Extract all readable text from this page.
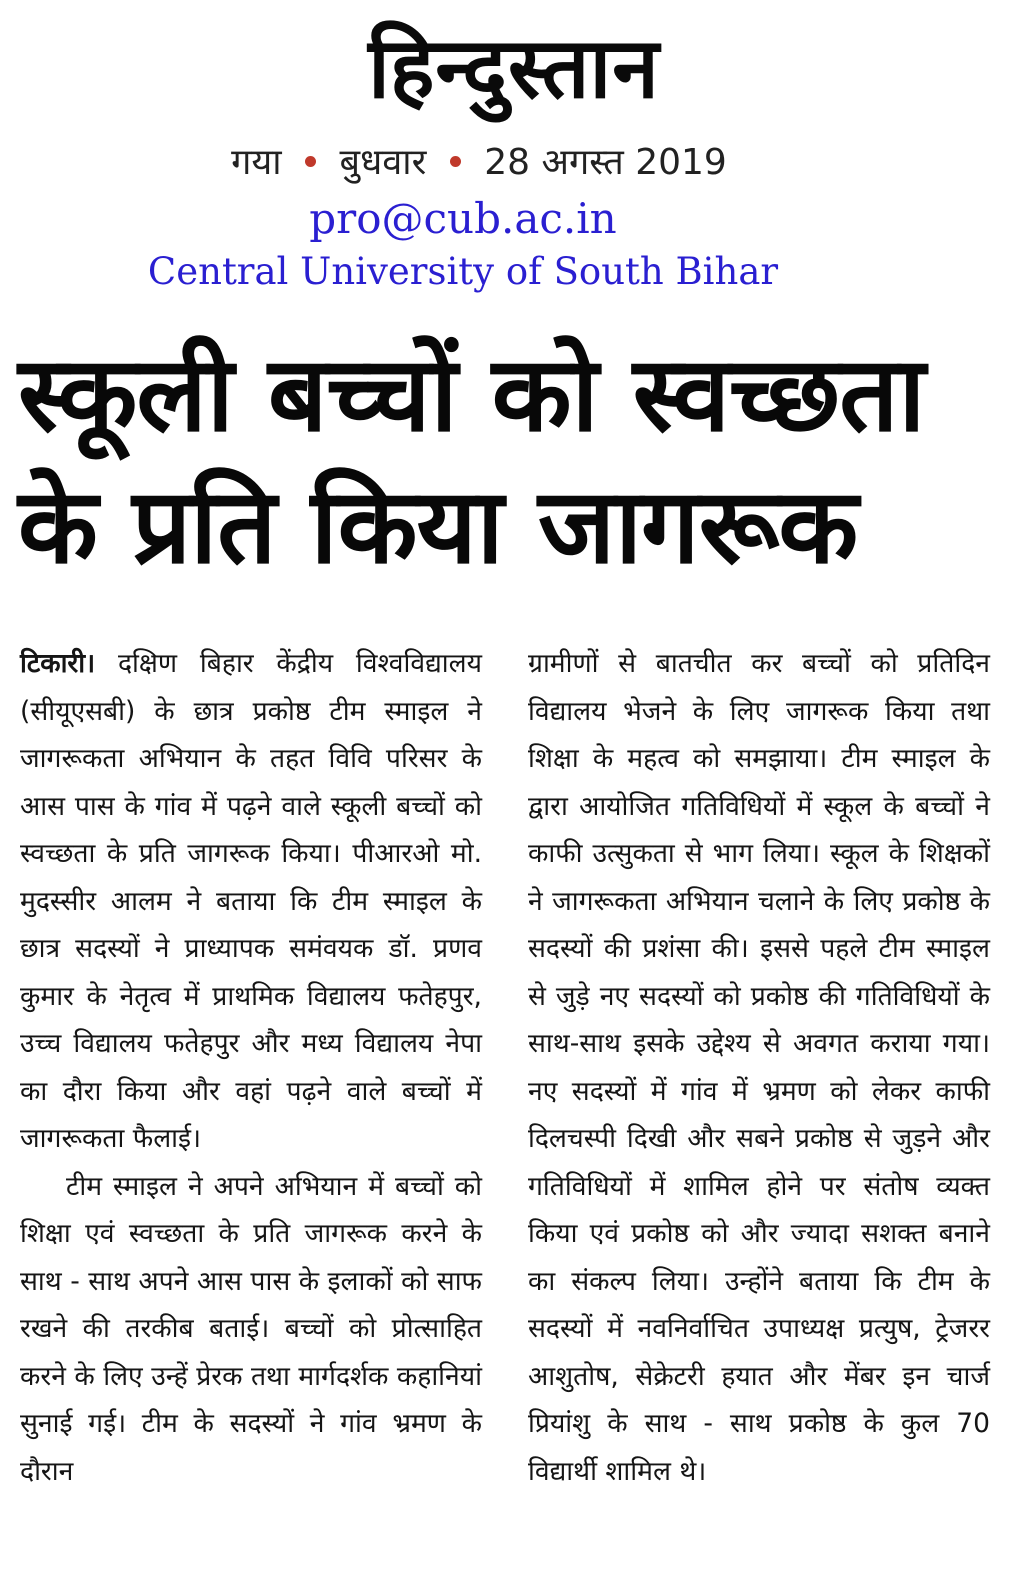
हिन्दुस्तान
गया बुधवार 28 अगस्त 2019
pro@cub.ac.in
Central University of South Bihar
स्कूली बच्चों को स्वच्छता
के प्रति किया जागरूक

टिकारी। दक्षिण बिहार केंद्रीय विश्वविद्यालय (सीयूएसबी) के छात्र प्रकोष्ठ टीम स्माइल ने जागरूकता अभियान के तहत विवि परिसर के आस पास के गांव में पढ़ने वाले स्कूली बच्चों को स्वच्छता के प्रति जागरूक किया। पीआरओ मो. मुदस्सीर आलम ने बताया कि टीम स्माइल के छात्र सदस्यों ने प्राध्यापक समंवयक डॉ. प्रणव कुमार के नेतृत्व में प्राथमिक विद्यालय फतेहपुर, उच्च विद्यालय फतेहपुर और मध्य विद्यालय नेपा का दौरा किया और वहां पढ़ने वाले बच्चों में जागरूकता फैलाई।

टीम स्माइल ने अपने अभियान में बच्चों को शिक्षा एवं स्वच्छता के प्रति जागरूक करने के साथ - साथ अपने आस पास के इलाकों को साफ रखने की तरकीब बताई। बच्चों को प्रोत्साहित करने के लिए उन्हें प्रेरक तथा मार्गदर्शक कहानियां सुनाई गई। टीम के सदस्यों ने गांव भ्रमण के दौरान

ग्रामीणों से बातचीत कर बच्चों को प्रतिदिन विद्यालय भेजने के लिए जागरूक किया तथा शिक्षा के महत्व को समझाया। टीम स्माइल के द्वारा आयोजित गतिविधियों में स्कूल के बच्चों ने काफी उत्सुकता से भाग लिया। स्कूल के शिक्षकों ने जागरूकता अभियान चलाने के लिए प्रकोष्ठ के सदस्यों की प्रशंसा की। इससे पहले टीम स्माइल से जुड़े नए सदस्यों को प्रकोष्ठ की गतिविधियों के साथ-साथ इसके उद्देश्य से अवगत कराया गया। नए सदस्यों में गांव में भ्रमण को लेकर काफी दिलचस्पी दिखी और सबने प्रकोष्ठ से जुड़ने और गतिविधियों में शामिल होने पर संतोष व्यक्त किया एवं प्रकोष्ठ को और ज्यादा सशक्त बनाने का संकल्प लिया। उन्होंने बताया कि टीम के सदस्यों में नवनिर्वाचित उपाध्यक्ष प्रत्युष, ट्रेजरर आशुतोष, सेक्रेटरी हयात और मेंबर इन चार्ज प्रियांशु के साथ - साथ प्रकोष्ठ के कुल 70 विद्यार्थी शामिल थे।
